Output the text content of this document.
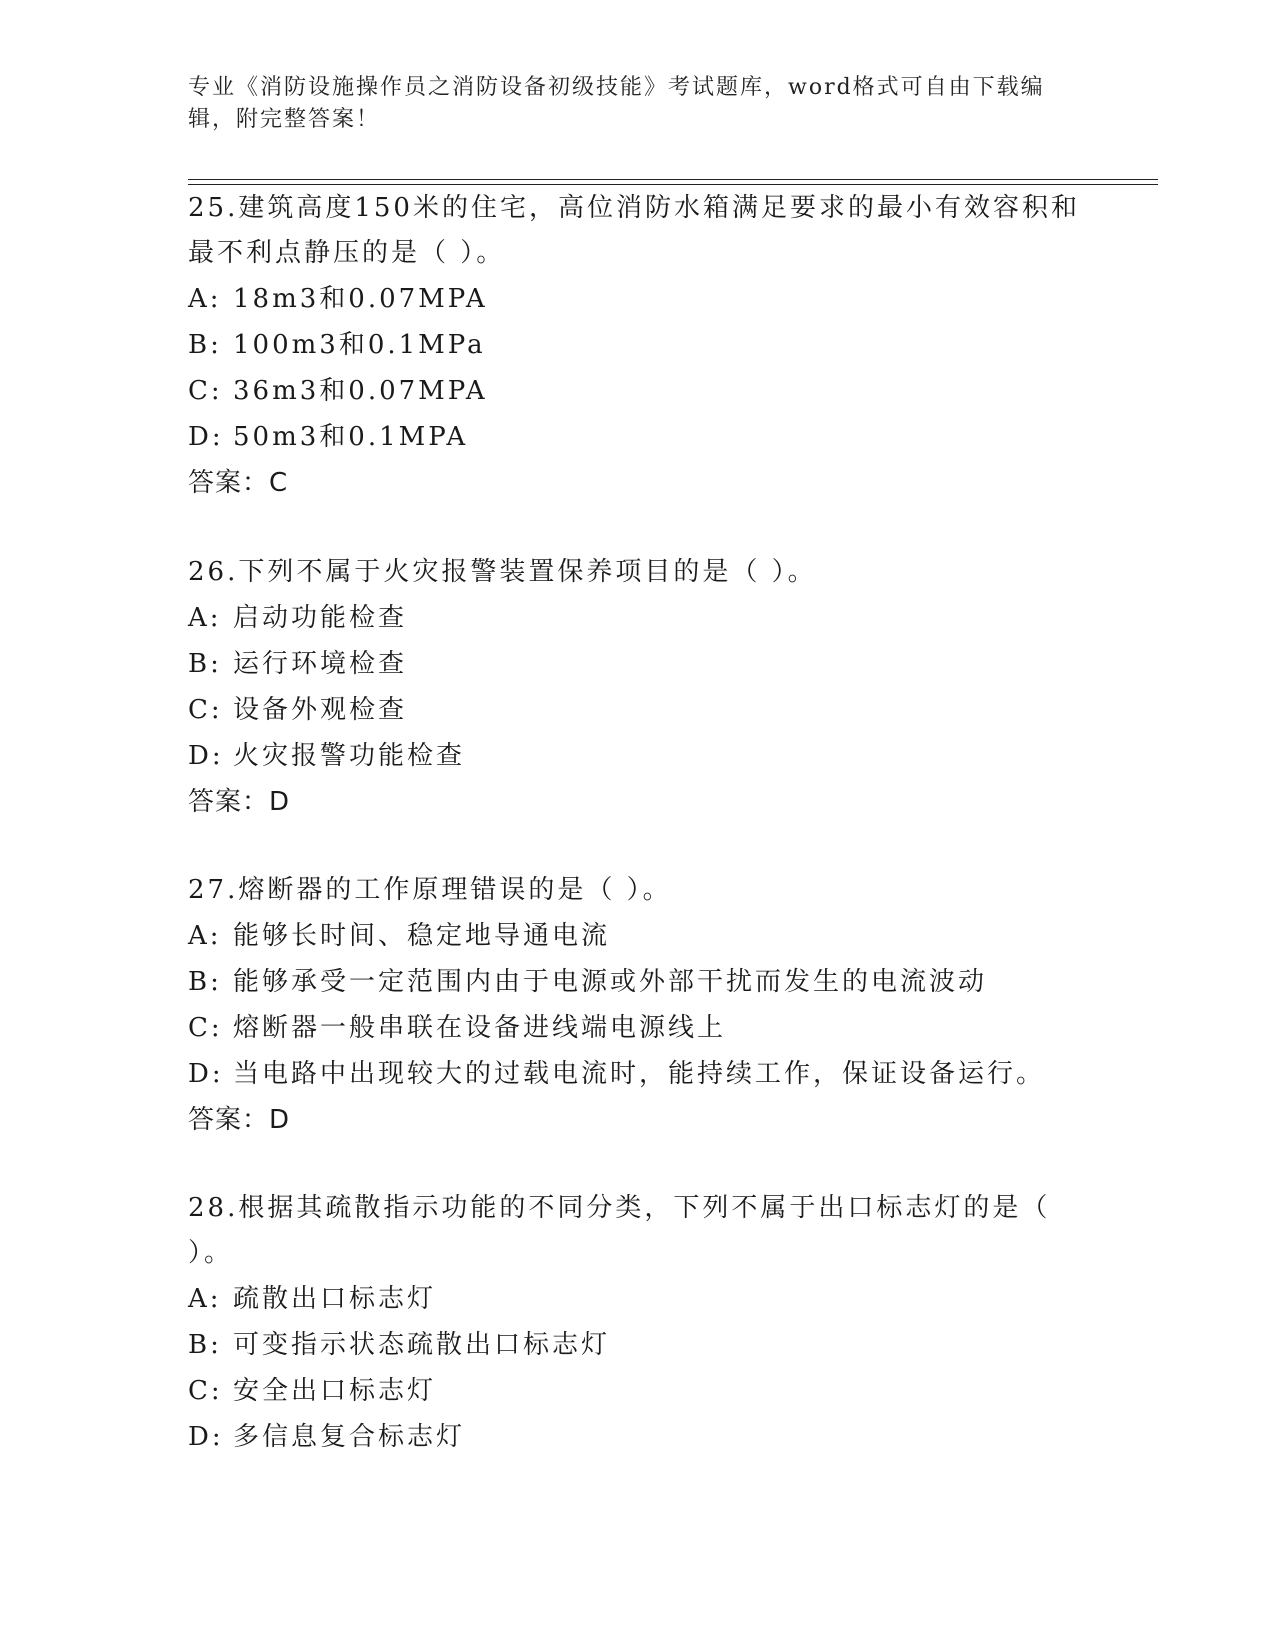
专业《消防设施操作员之消防设备初级技能》考试题库，word格式可自由下载编辑，附完整答案！
25.建筑高度150米的住宅，高位消防水箱满足要求的最小有效容积和最不利点静压的是（ ）。
A: 18m3和0.07MPA
B: 100m3和0.1MPa
C: 36m3和0.07MPA
D: 50m3和0.1MPA
答案：C
26.下列不属于火灾报警装置保养项目的是（ ）。
A: 启动功能检查
B: 运行环境检查
C: 设备外观检查
D: 火灾报警功能检查
答案：D
27.熔断器的工作原理错误的是（ ）。
A: 能够长时间、稳定地导通电流
B: 能够承受一定范围内由于电源或外部干扰而发生的电流波动
C: 熔断器一般串联在设备进线端电源线上
D: 当电路中出现较大的过载电流时，能持续工作，保证设备运行。
答案：D
28.根据其疏散指示功能的不同分类，下列不属于出口标志灯的是（ ）。
A: 疏散出口标志灯
B: 可变指示状态疏散出口标志灯
C: 安全出口标志灯
D: 多信息复合标志灯
